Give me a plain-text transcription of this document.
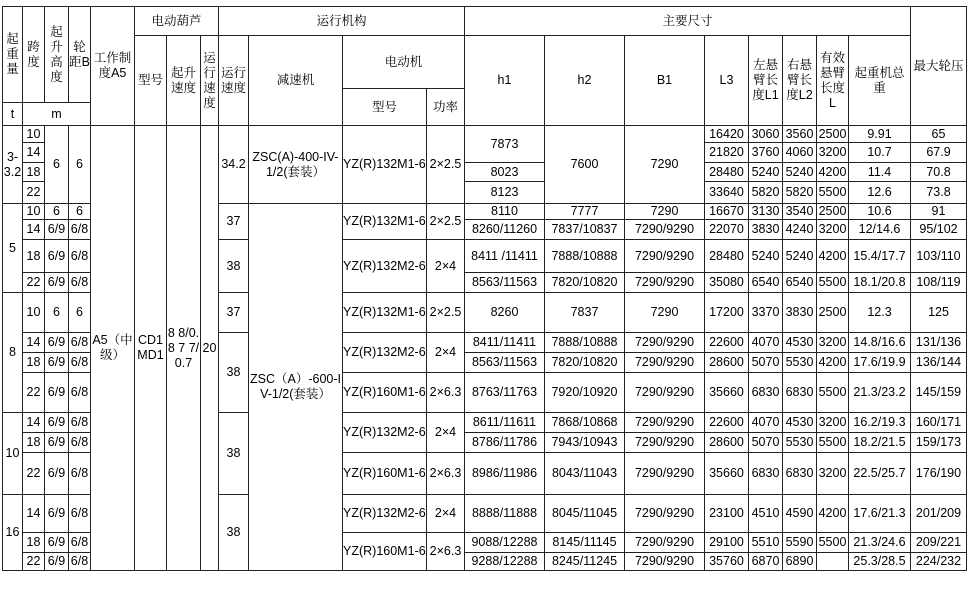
起重量	跨度	起升高度	轮距B	工作制度A5	电动葫芦			运行机构				主要尺寸								最大轮压
					型号	起升速度	运行速度	运行速度	减速机	电动机		h1	h2	B1	L3	左悬臂长度L1	右悬臂长度L2	有效悬臂长度L	起重机总重	
										型号	功率									
t	m																			
3-3.2	10	6	6	A5（中级）	CD1 MD1	8 8/0.8 7 7/0.7	20	34.2	ZSC(A)-400-IV-1/2(套装）	YZ(R)132M1-6	2×2.5	7873	7600	7290	16420	3060	3560	2500	9.91	65
	14														21820	3760	4060	3200	10.7	67.9
	18											8023			28480	5240	5240	4200	11.4	70.8
	22											8123			33640	5820	5820	5500	12.6	73.8
5	10	6	6					37	ZSC（A）-600-IV-1/2(套装）	YZ(R)132M1-6	2×2.5	8110	7777	7290	16670	3130	3540	2500	10.6	91
	14	6/9	6/8									8260/11260	7837/10837	7290/9290	22070	3830	4240	3200	12/14.6	95/102
	18	6/9	6/8					38		YZ(R)132M2-6	2×4	8411 /11411	7888/10888	7290/9290	28480	5240	5240	4200	15.4/17.7	103/110
	22	6/9	6/8									8563/11563	7820/10820	7290/9290	35080	6540	6540	5500	18.1/20.8	108/119
8	10	6	6					37		YZ(R)132M1-6	2×2.5	8260	7837	7290	17200	3370	3830	2500	12.3	125
	14	6/9	6/8					38		YZ(R)132M2-6	2×4	8411/11411	7888/10888	7290/9290	22600	4070	4530	3200	14.8/16.6	131/136
	18	6/9	6/8									8563/11563	7820/10820	7290/9290	28600	5070	5530	4200	17.6/19.9	136/144
	22	6/9	6/8							YZ(R)160M1-6	2×6.3	8763/11763	7920/10920	7290/9290	35660	6830	6830	5500	21.3/23.2	145/159
10	14	6/9	6/8					38		YZ(R)132M2-6	2×4	8611/11611	7868/10868	7290/9290	22600	4070	4530	3200	16.2/19.3	160/171
	18	6/9	6/8									8786/11786	7943/10943	7290/9290	28600	5070	5530	5500	18.2/21.5	159/173
	22	6/9	6/8							YZ(R)160M1-6	2×6.3	8986/11986	8043/11043	7290/9290	35660	6830	6830	3200	22.5/25.7	176/190
16	14	6/9	6/8					38		YZ(R)132M2-6	2×4	8888/11888	8045/11045	7290/9290	23100	4510	4590	4200	17.6/21.3	201/209
	18	6/9	6/8							YZ(R)160M1-6	2×6.3	9088/12288	8145/11145	7290/9290	29100	5510	5590	5500	21.3/24.6	209/221
	22	6/9	6/8									9288/12288	8245/11245	7290/9290	35760	6870	6890		25.3/28.5	224/232
